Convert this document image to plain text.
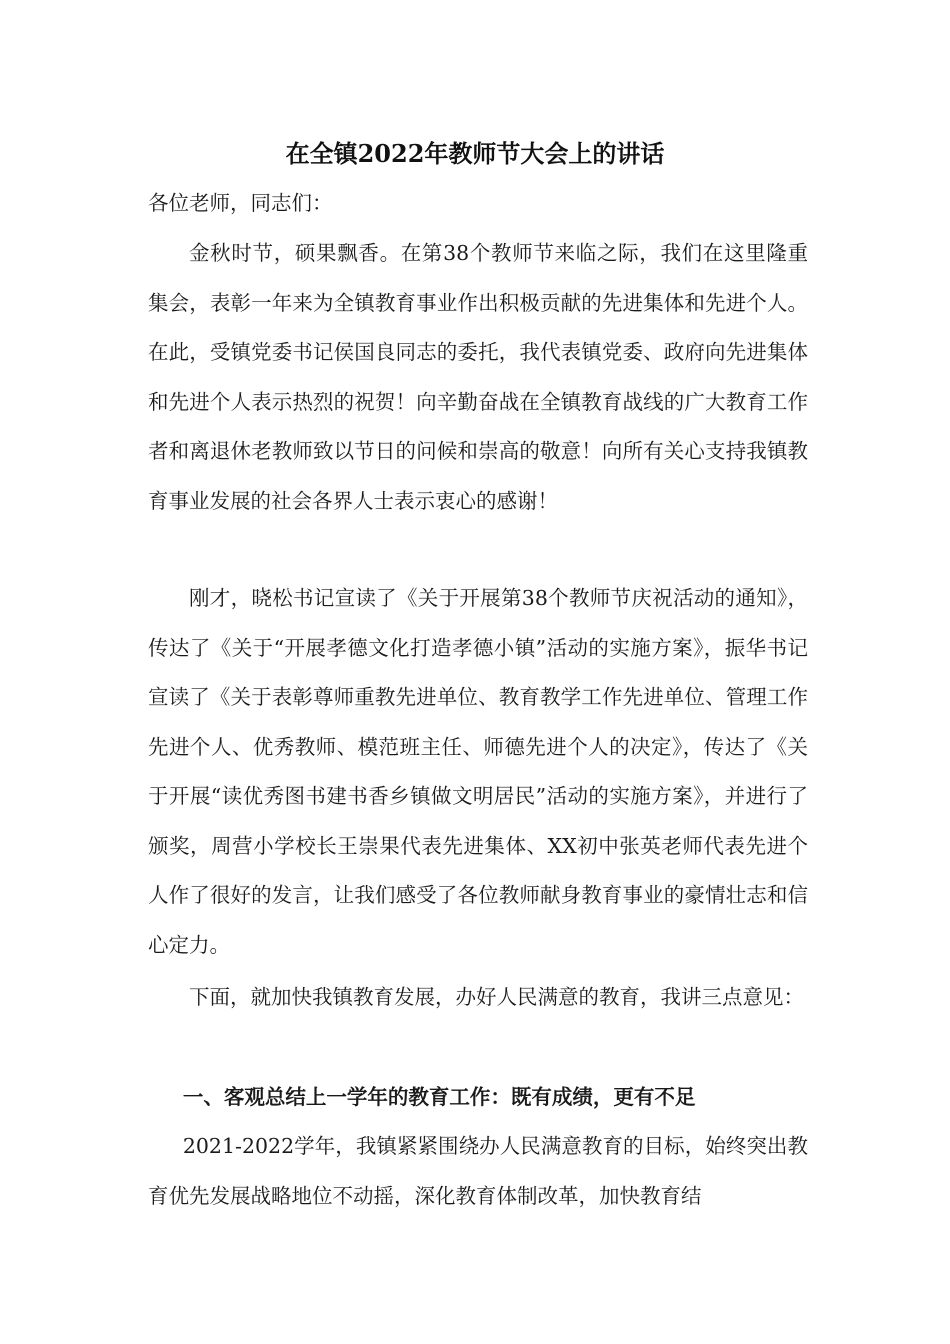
在全镇2022年教师节大会上的讲话

各位老师，同志们：

金秋时节，硕果飘香。在第38个教师节来临之际，我们在这里隆重集会，表彰一年来为全镇教育事业作出积极贡献的先进集体和先进个人。在此，受镇党委书记侯国良同志的委托，我代表镇党委、政府向先进集体和先进个人表示热烈的祝贺！向辛勤奋战在全镇教育战线的广大教育工作者和离退休老教师致以节日的问候和崇高的敬意！向所有关心支持我镇教育事业发展的社会各界人士表示衷心的感谢！

刚才，晓松书记宣读了《关于开展第38个教师节庆祝活动的通知》，传达了《关于“开展孝德文化打造孝德小镇”活动的实施方案》，振华书记宣读了《关于表彰尊师重教先进单位、教育教学工作先进单位、管理工作先进个人、优秀教师、模范班主任、师德先进个人的决定》，传达了《关于开展“读优秀图书建书香乡镇做文明居民”活动的实施方案》，并进行了颁奖，周营小学校长王崇果代表先进集体、XX初中张英老师代表先进个人作了很好的发言，让我们感受了各位教师献身教育事业的豪情壮志和信心定力。

下面，就加快我镇教育发展，办好人民满意的教育，我讲三点意见：

一、客观总结上一学年的教育工作：既有成绩，更有不足

2021-2022学年，我镇紧紧围绕办人民满意教育的目标，始终突出教育优先发展战略地位不动摇，深化教育体制改革，加快教育结
